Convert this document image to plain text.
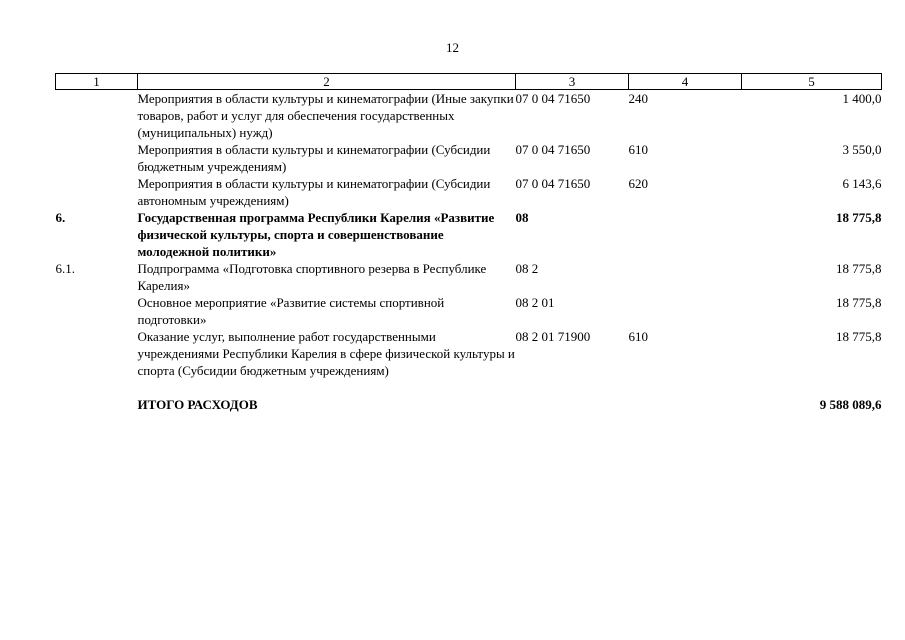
12
1	2	3	4	5
	Мероприятия в области культуры и кинематографии (Иные закупки товаров, работ и услуг для обеспечения государственных (муниципальных) нужд)	07 0 04 71650	240	1 400,0
	Мероприятия в области культуры и кинематографии (Субсидии бюджетным учреждениям)	07 0 04 71650	610	3 550,0
	Мероприятия в области культуры и кинематографии (Субсидии автономным учреждениям)	07 0 04 71650	620	6 143,6
6.	Государственная программа Республики Карелия «Развитие физической культуры, спорта и совершенствование молодежной политики»	08		18 775,8
6.1.	Подпрограмма «Подготовка спортивного резерва в Республике Карелия»	08 2		18 775,8
	Основное мероприятие «Развитие системы спортивной подготовки»	08 2 01		18 775,8
	Оказание услуг, выполнение работ государственными учреждениями Республики Карелия в сфере физической культуры и спорта (Субсидии бюджетным учреждениям)	08 2 01 71900	610	18 775,8

	ИТОГО РАСХОДОВ			9 588 089,6
